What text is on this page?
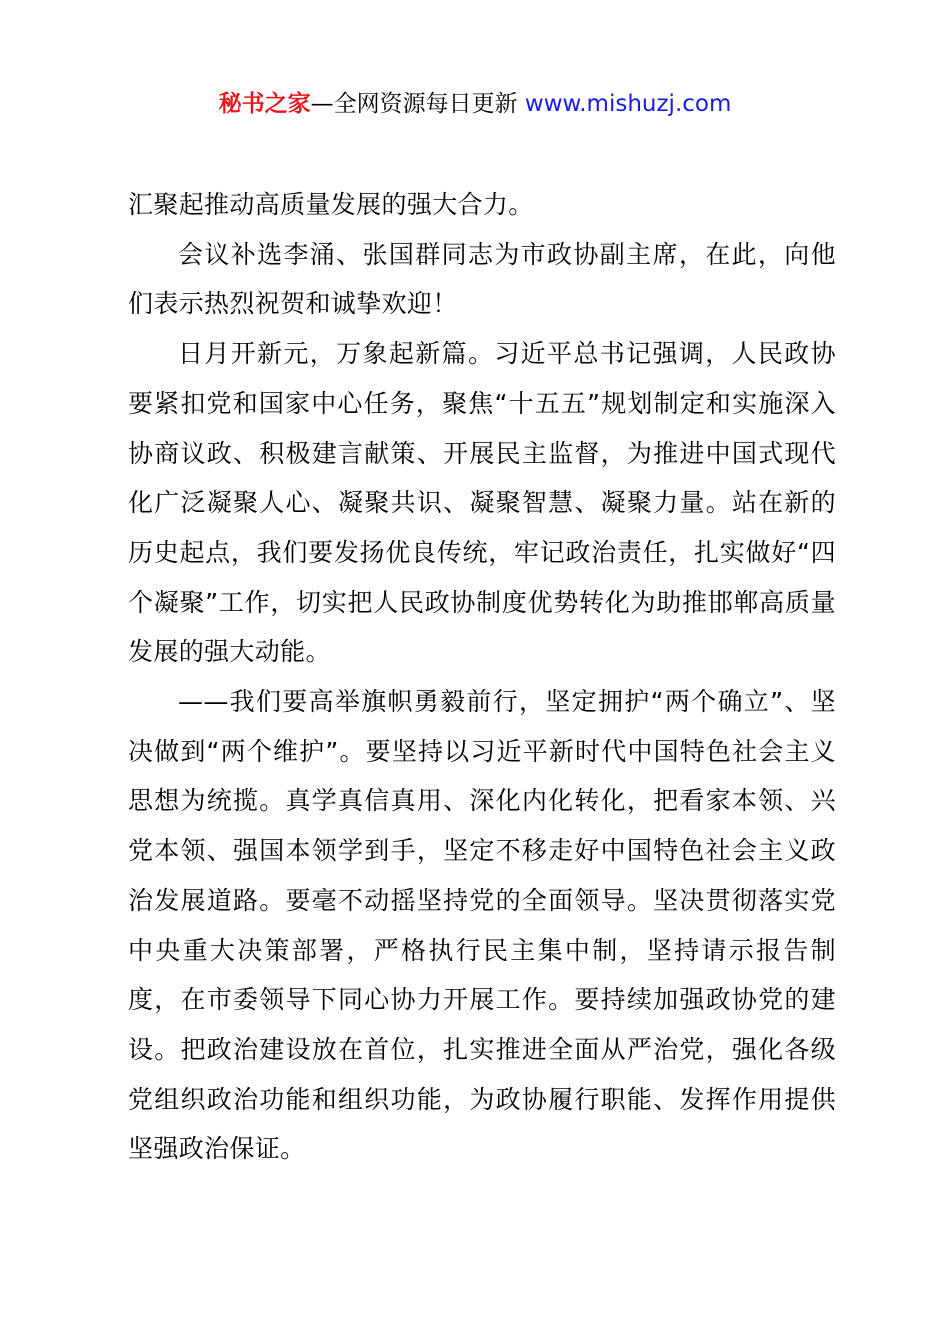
秘书之家—全网资源每日更新 www.mishuzj.com

汇聚起推动高质量发展的强大合力。

会议补选李涌、张国群同志为市政协副主席，在此，向他们表示热烈祝贺和诚挚欢迎！

日月开新元，万象起新篇。习近平总书记强调，人民政协要紧扣党和国家中心任务，聚焦“十五五”规划制定和实施深入协商议政、积极建言献策、开展民主监督，为推进中国式现代化广泛凝聚人心、凝聚共识、凝聚智慧、凝聚力量。站在新的历史起点，我们要发扬优良传统，牢记政治责任，扎实做好“四个凝聚”工作，切实把人民政协制度优势转化为助推邯郸高质量发展的强大动能。

——我们要高举旗帜勇毅前行，坚定拥护“两个确立”、坚决做到“两个维护”。要坚持以习近平新时代中国特色社会主义思想为统揽。真学真信真用、深化内化转化，把看家本领、兴党本领、强国本领学到手，坚定不移走好中国特色社会主义政治发展道路。要毫不动摇坚持党的全面领导。坚决贯彻落实党中央重大决策部署，严格执行民主集中制，坚持请示报告制度，在市委领导下同心协力开展工作。要持续加强政协党的建设。把政治建设放在首位，扎实推进全面从严治党，强化各级党组织政治功能和组织功能，为政协履行职能、发挥作用提供坚强政治保证。
